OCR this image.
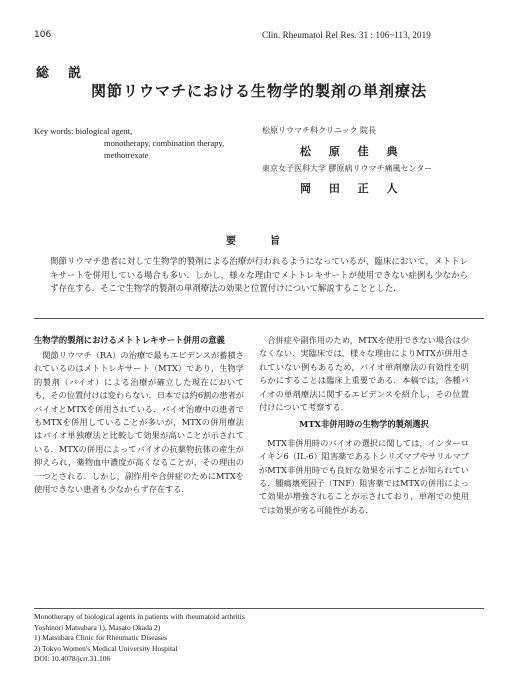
106	Clin. Rheumatol Rel Res. 31 : 106~113, 2019
総　説
関節リウマチにおける生物学的製剤の単剤療法
Key words: biological agent,
monotherapy, combination therapy,
methotrexate
松原リウマチ科クリニック 院長
松 原 佳 典
東京女子医科大学 膠原病リウマチ痛風センター
岡 田 正 人
要　旨
関節リウマチ患者に対して生物学的製剤による治療が行われるようになっているが，臨床において，メトトレキサートを併用している場合も多い．しかし，様々な理由でメトトレキサートが使用できない症例も少なからず存在する．そこで生物学的製剤の単剤療法の効果と位置付けについて解説することとした．
生物学的製剤におけるメトトレキサート併用の意義

関節リウマチ（RA）の治療で最もエビデンスが蓄積されているのはメトトレキサート（MTX）であり，生物学的製剤（バイオ）による治療が確立した現在においても，その位置付けは変わらない．日本では約6割の患者がバイオとMTXを併用されている．バイオ治療中の患者でもMTXを併用していることが多いが，MTXの併用療法はバイオ単独療法と比較して効果が高いことが示されている．MTXの併用によってバイオの抗薬物抗体の産生が抑えられ，薬物血中濃度が高くなることが，その理由の一つとされる．しかし，副作用や合併症のためにMTXを使用できない患者も少なからず存在する．

合併症や副作用のため，MTXを使用できない場合は少なくない．実臨床では，様々な理由によりMTXが併用されていない例もあるため，バイオ単剤療法の有効性を明らかにすることは臨床上重要である．本稿では，各種バイオの単剤療法に関するエビデンスを紹介し，その位置付けについて考察する．

MTX非併用時の生物学的製剤選択

MTX非併用時のバイオの選択に関しては，インターロイキン6（IL-6）阻害薬であるトシリズマブやサリルマブがMTX非併用時でも良好な効果を示すことが知られている．腫瘍壊死因子（TNF）阻害薬ではMTXの併用によって効果が増強されることが示されており，単剤での使用では効果が劣る可能性がある．

Monotherapy of biological agents in patients with rheumatoid arthritis
Yoshinori Matsubara 1), Masato Okada 2)
1) Matsubara Clinic for Rheumatic Diseases
2) Tokyo Women's Medical University Hospital
DOI: 10.4078/jcrr.31.106
